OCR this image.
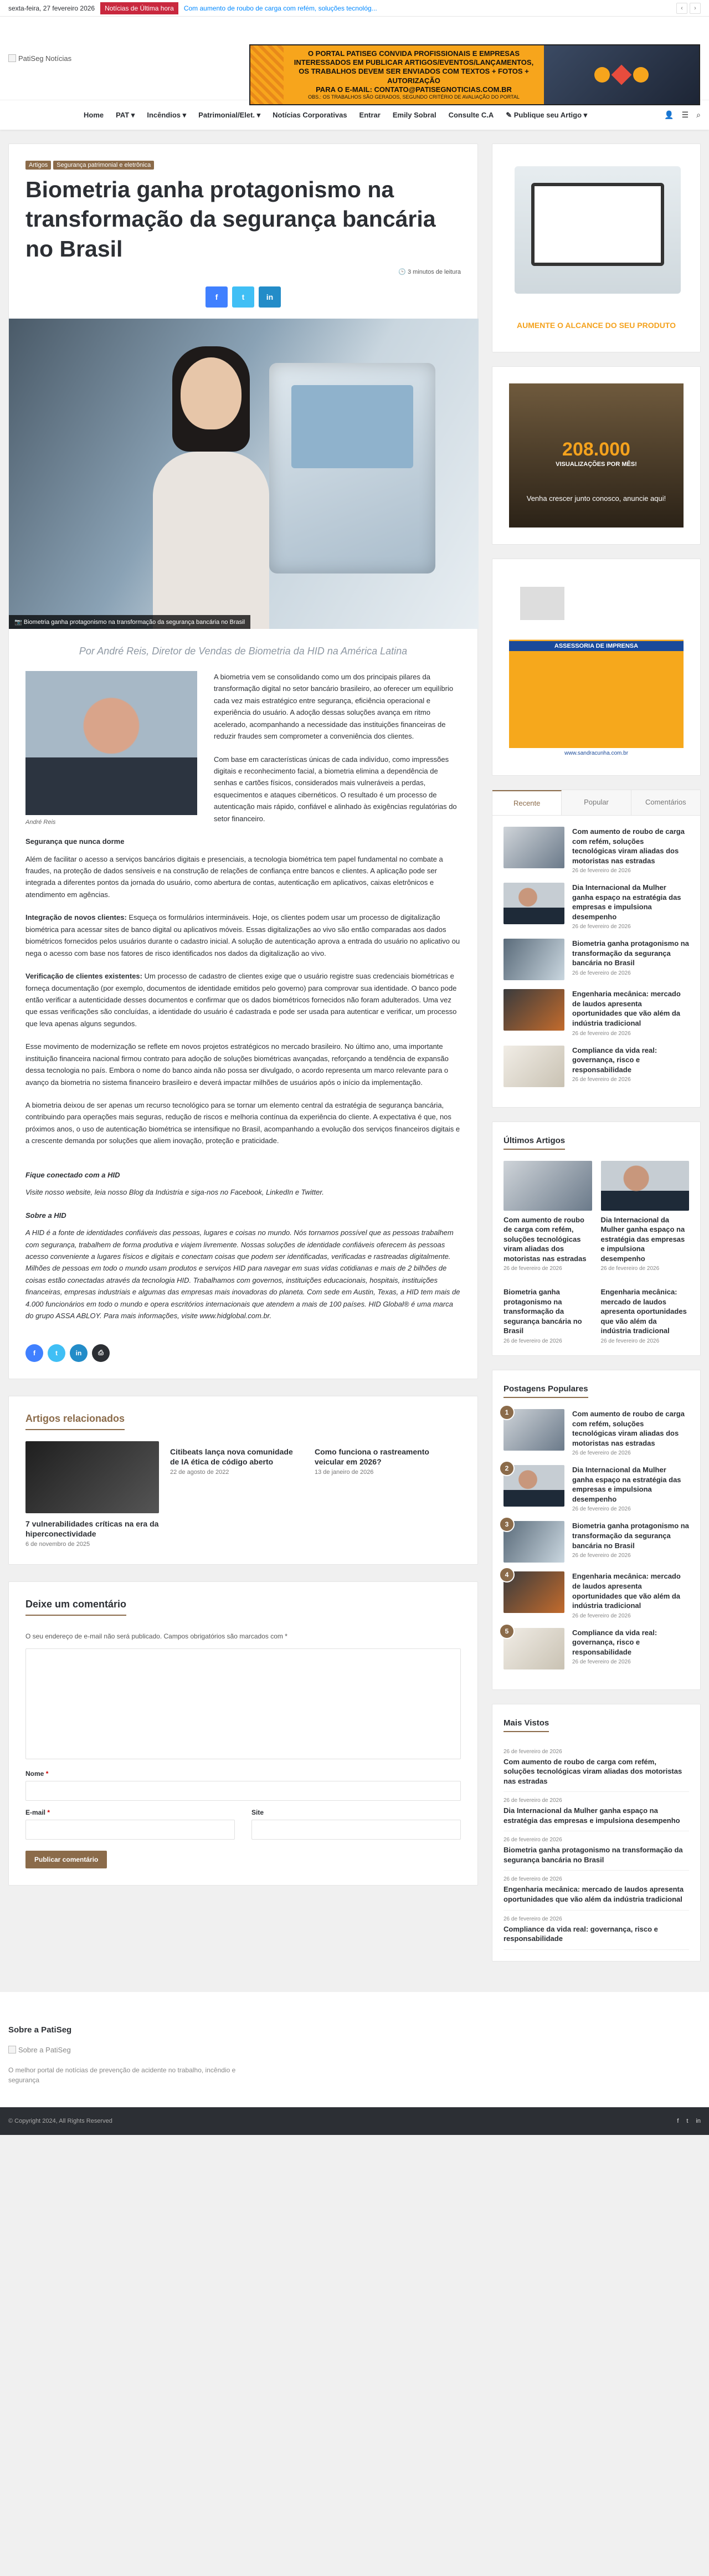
sexta-feira, 27 fevereiro 2026	Notícias de Última hora	Com aumento de roubo de carga com refém, soluções tecnológ...	‹	›
PatiSeg Notícias
O PORTAL PATISEG CONVIDA PROFISSIONAIS E EMPRESAS
INTERESSADOS EM PUBLICAR ARTIGOS/EVENTOS/LANÇAMENTOS,
OS TRABALHOS DEVEM SER ENVIADOS COM TEXTOS + FOTOS + AUTORIZAÇÃO
PARA O E-MAIL: CONTATO@PATISEGNOTICIAS.COM.BR
OBS.: OS TRABALHOS SÃO GERADOS, SEGUNDO CRITÉRIO DE AVALIAÇÃO DO PORTAL
Home	PAT ▾	Incêndios ▾	Patrimonial/Elet. ▾	Notícias Corporativas	Entrar	Emily Sobral	Consulte C.A	✎ Publique seu Artigo ▾	👤 ☰ ⌕
Artigos	Segurança patrimonial e eletrônica
Biometria ganha protagonismo na transformação da segurança bancária no Brasil
🕒 3 minutos de leitura
f	t	in
📷 Biometria ganha protagonismo na transformação da segurança bancária no Brasil

Por André Reis, Diretor de Vendas de Biometria da HID na América Latina

André Reis

A biometria vem se consolidando como um dos principais pilares da transformação digital no setor bancário brasileiro, ao oferecer um equilíbrio cada vez mais estratégico entre segurança, eficiência operacional e experiência do usuário. A adoção dessas soluções avança em ritmo acelerado, acompanhando a necessidade das instituições financeiras de reduzir fraudes sem comprometer a conveniência dos clientes.

Com base em características únicas de cada indivíduo, como impressões digitais e reconhecimento facial, a biometria elimina a dependência de senhas e cartões físicos, considerados mais vulneráveis a perdas, esquecimentos e ataques cibernéticos. O resultado é um processo de autenticação mais rápido, confiável e alinhado às exigências regulatórias do setor financeiro.

Segurança que nunca dorme

Além de facilitar o acesso a serviços bancários digitais e presenciais, a tecnologia biométrica tem papel fundamental no combate a fraudes, na proteção de dados sensíveis e na construção de relações de confiança entre bancos e clientes. A aplicação pode ser integrada a diferentes pontos da jornada do usuário, como abertura de contas, autenticação em aplicativos, caixas eletrônicos e atendimento em agências.

Integração de novos clientes: Esqueça os formulários intermináveis. Hoje, os clientes podem usar um processo de digitalização biométrica para acessar sites de banco digital ou aplicativos móveis. Essas digitalizações ao vivo são então comparadas aos dados biométricos fornecidos pelos usuários durante o cadastro inicial. A solução de autenticação aprova a entrada do usuário no aplicativo ou nega o acesso com base nos fatores de risco identificados nos dados da digitalização ao vivo.

Verificação de clientes existentes: Um processo de cadastro de clientes exige que o usuário registre suas credenciais biométricas e forneça documentação (por exemplo, documentos de identidade emitidos pelo governo) para comprovar sua identidade. O banco pode então verificar a autenticidade desses documentos e confirmar que os dados biométricos fornecidos não foram adulterados. Uma vez que essas verificações são concluídas, a identidade do usuário é cadastrada e pode ser usada para autenticar e verificar, um processo que leva apenas alguns segundos.

Esse movimento de modernização se reflete em novos projetos estratégicos no mercado brasileiro. No último ano, uma importante instituição financeira nacional firmou contrato para adoção de soluções biométricas avançadas, reforçando a tendência de expansão dessa tecnologia no país. Embora o nome do banco ainda não possa ser divulgado, o acordo representa um marco relevante para o avanço da biometria no sistema financeiro brasileiro e deverá impactar milhões de usuários após o início da implementação.

A biometria deixou de ser apenas um recurso tecnológico para se tornar um elemento central da estratégia de segurança bancária, contribuindo para operações mais seguras, redução de riscos e melhoria contínua da experiência do cliente. A expectativa é que, nos próximos anos, o uso de autenticação biométrica se intensifique no Brasil, acompanhando a evolução dos serviços financeiros digitais e a crescente demanda por soluções que aliem inovação, proteção e praticidade.

Fique conectado com a HID

Visite nosso website, leia nosso Blog da Indústria e siga-nos no Facebook, LinkedIn e Twitter.

Sobre a HID

A HID é a fonte de identidades confiáveis das pessoas, lugares e coisas no mundo. Nós tornamos possível que as pessoas trabalhem com segurança, trabalhem de forma produtiva e viajem livremente. Nossas soluções de identidade confiáveis oferecem às pessoas acesso conveniente a lugares físicos e digitais e conectam coisas que podem ser identificadas, verificadas e rastreadas digitalmente. Milhões de pessoas em todo o mundo usam produtos e serviços HID para navegar em suas vidas cotidianas e mais de 2 bilhões de coisas estão conectadas através da tecnologia HID. Trabalhamos com governos, instituições educacionais, hospitais, instituições financeiras, empresas industriais e algumas das empresas mais inovadoras do planeta. Com sede em Austin, Texas, a HID tem mais de 4.000 funcionários em todo o mundo e opera escritórios internacionais que atendem a mais de 100 países. HID Global® é uma marca do grupo ASSA ABLOY. Para mais informações, visite www.hidglobal.com.br.

f	t	in	⎙
Artigos relacionados
7 vulnerabilidades críticas na era da hiperconectividade
6 de novembro de 2025
Citibeats lança nova comunidade de IA ética de código aberto
22 de agosto de 2022
Como funciona o rastreamento veicular em 2026?
13 de janeiro de 2026
Deixe um comentário

O seu endereço de e-mail não será publicado. Campos obrigatórios são marcados com *

Nome *
E-mail *	Site
Publicar comentário
AUMENTE O ALCANCE DO SEU PRODUTO
208.000
VISUALIZAÇÕES POR MÊS!
Venha crescer junto conosco, anuncie aqui!
ASSESSORIA DE IMPRENSA
www.sandracunha.com.br
Recente	Popular	Comentários
Com aumento de roubo de carga com refém, soluções tecnológicas viram aliadas dos motoristas nas estradas
26 de fevereiro de 2026
Dia Internacional da Mulher ganha espaço na estratégia das empresas e impulsiona desempenho
26 de fevereiro de 2026
Biometria ganha protagonismo na transformação da segurança bancária no Brasil
26 de fevereiro de 2026
Engenharia mecânica: mercado de laudos apresenta oportunidades que vão além da indústria tradicional
26 de fevereiro de 2026
Compliance da vida real: governança, risco e responsabilidade
26 de fevereiro de 2026
Últimos Artigos
Com aumento de roubo de carga com refém, soluções tecnológicas viram aliadas dos motoristas nas estradas
26 de fevereiro de 2026
Dia Internacional da Mulher ganha espaço na estratégia das empresas e impulsiona desempenho
26 de fevereiro de 2026
Biometria ganha protagonismo na transformação da segurança bancária no Brasil
26 de fevereiro de 2026
Engenharia mecânica: mercado de laudos apresenta oportunidades que vão além da indústria tradicional
26 de fevereiro de 2026
Postagens Populares
1	Com aumento de roubo de carga com refém, soluções tecnológicas viram aliadas dos motoristas nas estradas
26 de fevereiro de 2026
2	Dia Internacional da Mulher ganha espaço na estratégia das empresas e impulsiona desempenho
26 de fevereiro de 2026
3	Biometria ganha protagonismo na transformação da segurança bancária no Brasil
26 de fevereiro de 2026
4	Engenharia mecânica: mercado de laudos apresenta oportunidades que vão além da indústria tradicional
26 de fevereiro de 2026
5	Compliance da vida real: governança, risco e responsabilidade
26 de fevereiro de 2026
Mais Vistos
26 de fevereiro de 2026
Com aumento de roubo de carga com refém, soluções tecnológicas viram aliadas dos motoristas nas estradas
26 de fevereiro de 2026
Dia Internacional da Mulher ganha espaço na estratégia das empresas e impulsiona desempenho
26 de fevereiro de 2026
Biometria ganha protagonismo na transformação da segurança bancária no Brasil
26 de fevereiro de 2026
Engenharia mecânica: mercado de laudos apresenta oportunidades que vão além da indústria tradicional
26 de fevereiro de 2026
Compliance da vida real: governança, risco e responsabilidade
Sobre a PatiSeg
Sobre a PatiSeg

O melhor portal de notícias de prevenção de acidente no trabalho, incêndio e segurança

© Copyright 2024, All Rights Reserved	f t in
